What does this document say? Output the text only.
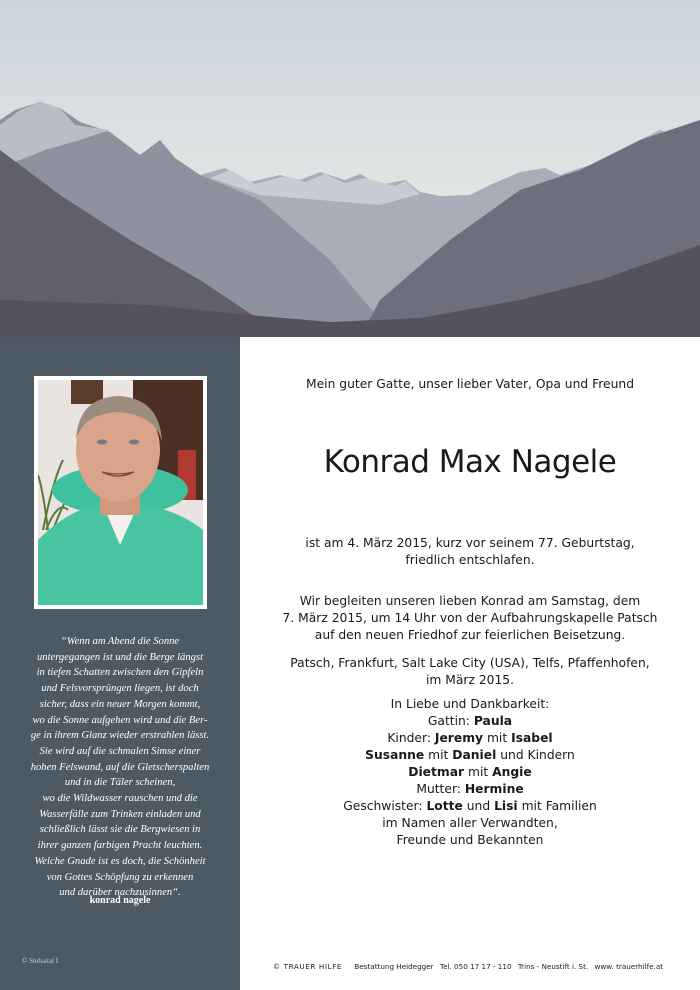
“Wenn am Abend die Sonne
untergegangen ist und die Berge längst
in tiefen Schatten zwischen den Gipfeln
und Felsvorsprüngen liegen, ist doch
sicher, dass ein neuer Morgen kommt,
wo die Sonne aufgehen wird und die Ber-
ge in ihrem Glanz wieder erstrahlen lässt.
Sie wird auf die schmalen Simse einer
hohen Felswand, auf die Gletscherspalten
und in die Täler scheinen,
wo die Wildwasser rauschen und die
Wasserfälle zum Trinken einladen und
schließlich lässt sie die Bergwiesen in
ihrer ganzen farbigen Pracht leuchten.
Welche Gnade ist es doch, die Schönheit
von Gottes Schöpfung zu erkennen
und darüber nachzusinnen“.
konrad nagele
© Stubaital I
Mein guter Gatte, unser lieber Vater, Opa und Freund
Konrad Max Nagele
ist am 4. März 2015, kurz vor seinem 77. Geburtstag,
friedlich entschlafen.
Wir begleiten unseren lieben Konrad am Samstag, dem
7. März 2015, um 14 Uhr von der Aufbahrungskapelle Patsch
auf den neuen Friedhof zur feierlichen Beisetzung.
Patsch, Frankfurt, Salt Lake City (USA), Telfs, Pfaffenhofen,
im März 2015.
In Liebe und Dankbarkeit:
Gattin: Paula
Kinder: Jeremy mit Isabel
Susanne mit Daniel und Kindern
Dietmar mit Angie
Mutter: Hermine
Geschwister: Lotte und Lisi mit Familien
im Namen aller Verwandten,
Freunde und Bekannten
© TRAUER HILFE Bestattung Heidegger Tel. 050 17 17 - 110 Trins - Neustift i. St. www. trauerhilfe.at
